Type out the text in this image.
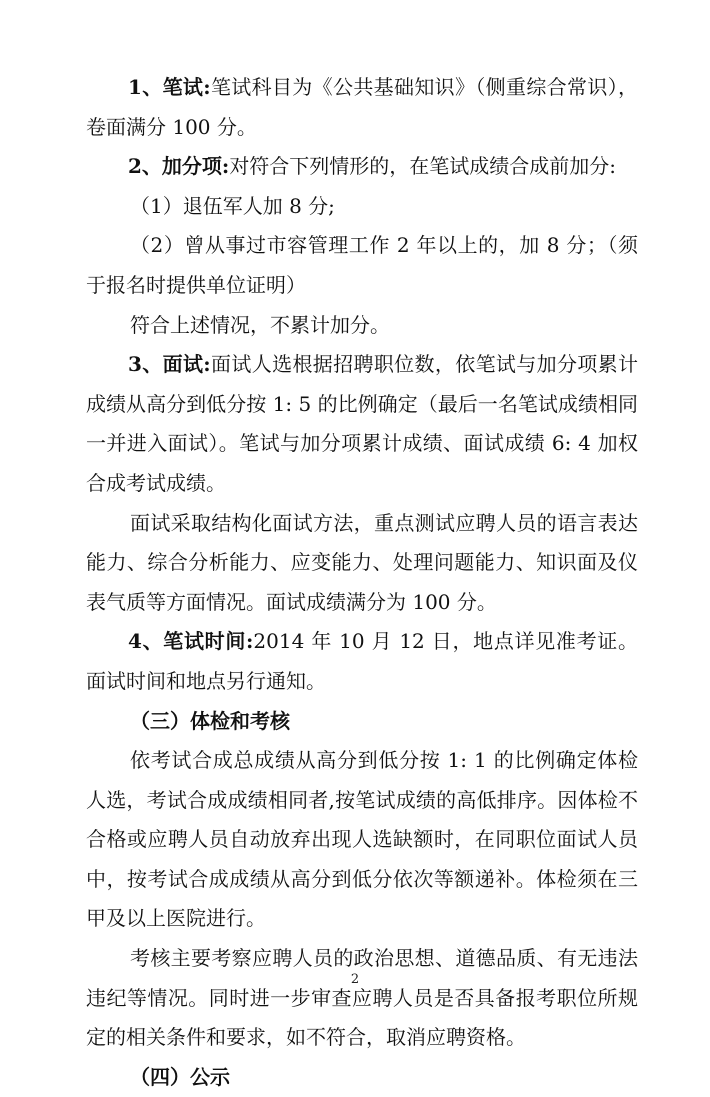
1、笔试:笔试科目为《公共基础知识》（侧重综合常识），卷面满分 100 分。

2、加分项:对符合下列情形的，在笔试成绩合成前加分:

（1）退伍军人加 8 分;

（2）曾从事过市容管理工作 2 年以上的，加 8 分；（须于报名时提供单位证明）

符合上述情况，不累计加分。

3、面试:面试人选根据招聘职位数，依笔试与加分项累计成绩从高分到低分按 1: 5 的比例确定（最后一名笔试成绩相同一并进入面试）。笔试与加分项累计成绩、面试成绩 6: 4 加权合成考试成绩。

面试采取结构化面试方法，重点测试应聘人员的语言表达能力、综合分析能力、应变能力、处理问题能力、知识面及仪表气质等方面情况。面试成绩满分为 100 分。

4、笔试时间:2014 年 10 月 12 日，地点详见准考证。面试时间和地点另行通知。

（三）体检和考核

依考试合成总成绩从高分到低分按 1: 1 的比例确定体检人选，考试合成成绩相同者,按笔试成绩的高低排序。因体检不合格或应聘人员自动放弃出现人选缺额时，在同职位面试人员中，按考试合成成绩从高分到低分依次等额递补。体检须在三甲及以上医院进行。

考核主要考察应聘人员的政治思想、道德品质、有无违法违纪等情况。同时进一步审查应聘人员是否具备报考职位所规定的相关条件和要求，如不符合，取消应聘资格。

（四）公示

2
